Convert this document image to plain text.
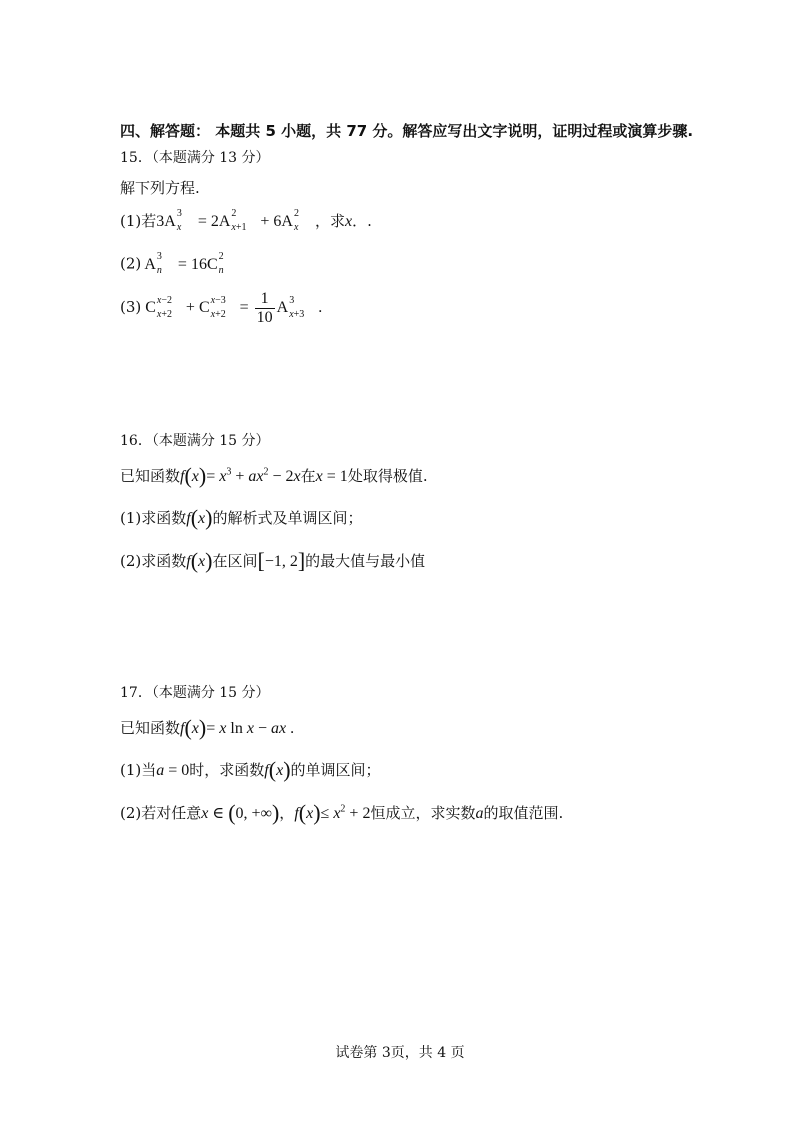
四、解答题： 本题共 5 小题，共 77 分。解答应写出文字说明，证明过程或演算步骤.
15．（本题满分 13 分）
解下列方程.
(1)若3A 3
x = 2A 2
x+1 + 6A 2
x ，求x．.
(2) A 3
n = 16C 2
n
(3) C x−2
x+2 + C x−3
$x+2 = \frac{1}{10}$ A 3
x+3 .
16．（本题满分 15 分）
已知函数$f(x)= x^3 + ax^2 - 2x$在x = 1处取得极值.
(1)求函数f(x)的解析式及单调区间；
(2)求函数f(x)在区间[−1, 2]的最大值与最小值
17．（本题满分 15 分）
已知函数f(x)= x ln x − ax .
(1)当a = 0时，求函数f(x)的单调区间；
(2)若对任意x ∈ (0, +∞)，$f(x)\le x^2 + 2$恒成立，求实数a的取值范围.
试卷第 3页，共 4 页
